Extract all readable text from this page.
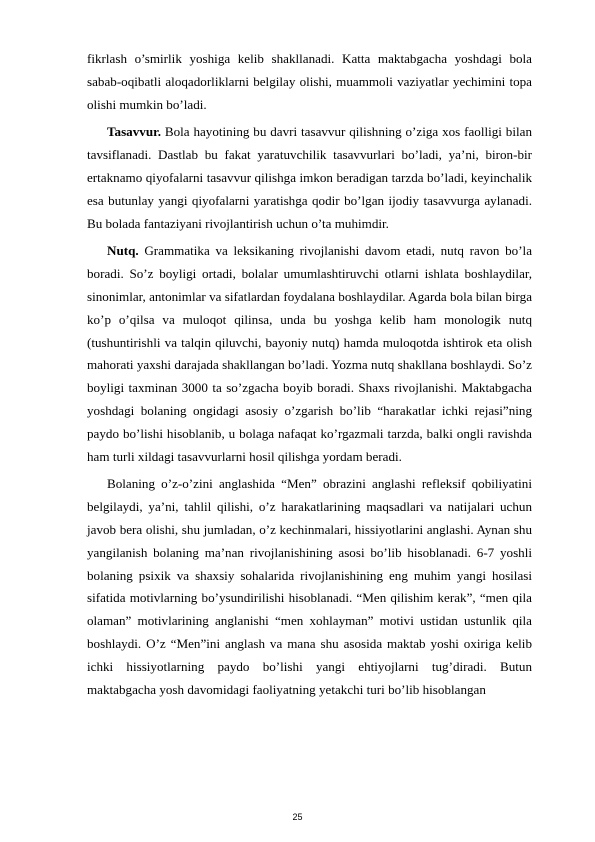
fikrlash o’smirlik yoshiga kelib shakllanadi. Katta maktabgacha yoshdagi bola sabab-oqibatli aloqadorliklarni belgilay olishi, muammoli vaziyatlar yechimini topa olishi mumkin bo’ladi.

Tasavvur. Bola hayotining bu davri tasavvur qilishning o’ziga xos faolligi bilan tavsiflanadi. Dastlab bu fakat yaratuvchilik tasavvurlari bo’ladi, ya’ni, biron-bir ertaknamo qiyofalarni tasavvur qilishga imkon beradigan tarzda bo’ladi, keyinchalik esa butunlay yangi qiyofalarni yaratishga qodir bo’lgan ijodiy tasavvurga aylanadi. Bu bolada fantaziyani rivojlantirish uchun o’ta muhimdir.

Nutq. Grammatika va leksikaning rivojlanishi davom etadi, nutq ravon bo’la boradi. So’z boyligi ortadi, bolalar umumlashtiruvchi otlarni ishlata boshlaydilar, sinonimlar, antonimlar va sifatlardan foydalana boshlaydilar. Agarda bola bilan birga ko’p o’qilsa va muloqot qilinsa, unda bu yoshga kelib ham monologik nutq (tushuntirishli va talqin qiluvchi, bayoniy nutq) hamda muloqotda ishtirok eta olish mahorati yaxshi darajada shakllangan bo’ladi. Yozma nutq shakllana boshlaydi. So’z boyligi taxminan 3000 ta so’zgacha boyib boradi. Shaxs rivojlanishi. Maktabgacha yoshdagi bolaning ongidagi asosiy o’zgarish bo’lib “harakatlar ichki rejasi”ning paydo bo’lishi hisoblanib, u bolaga nafaqat ko’rgazmali tarzda, balki ongli ravishda ham turli xildagi tasavvurlarni hosil qilishga yordam beradi.

Bolaning o’z-o’zini anglashida “Men” obrazini anglashi refleksif qobiliyatini belgilaydi, ya’ni, tahlil qilishi, o’z harakatlarining maqsadlari va natijalari uchun javob bera olishi, shu jumladan, o’z kechinmalari, hissiyotlarini anglashi. Aynan shu yangilanish bolaning ma’nan rivojlanishining asosi bo’lib hisoblanadi. 6-7 yoshli bolaning psixik va shaxsiy sohalarida rivojlanishining eng muhim yangi hosilasi sifatida motivlarning bo’ysundirilishi hisoblanadi. “Men qilishim kerak”, “men qila olaman” motivlarining anglanishi “men xohlayman” motivi ustidan ustunlik qila boshlaydi. O’z “Men”ini anglash va mana shu asosida maktab yoshi oxiriga kelib ichki hissiyotlarning paydo bo’lishi yangi ehtiyojlarni tug’diradi. Butun maktabgacha yosh davomidagi faoliyatning yetakchi turi bo’lib hisoblangan

25
